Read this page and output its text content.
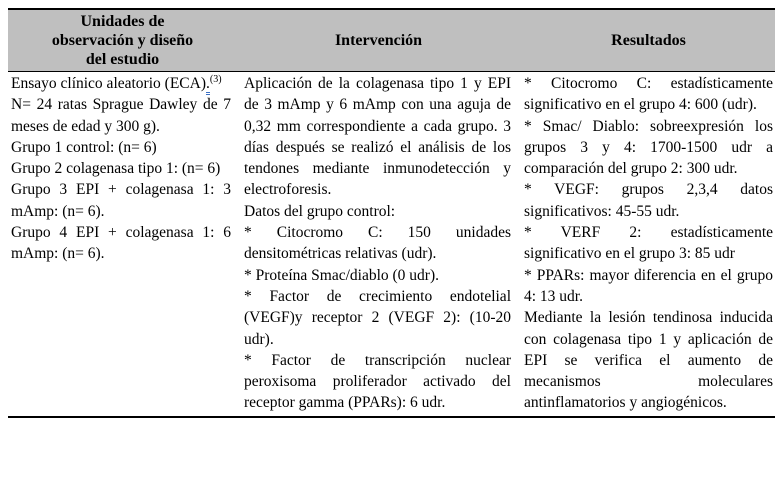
Unidades de
observación y diseño
del estudio
Intervención	Resultados

Ensayo clínico aleatorio (ECA).$^{(3)}$

N= 24 ratas Sprague Dawley de 7 meses de edad y 300 g).

Grupo 1 control: (n= 6)

Grupo 2 colagenasa tipo 1: (n= 6)

Grupo 3 EPI + colagenasa 1: 3 mAmp: (n= 6).

Grupo 4 EPI + colagenasa 1: 6 mAmp: (n= 6).

Aplicación de la colagenasa tipo 1 y EPI de 3 mAmp y 6 mAmp con una aguja de 0,32 mm correspondiente a cada grupo. 3 días después se realizó el análisis de los tendones mediante inmunodetección y electroforesis.

Datos del grupo control:

* Citocromo C: 150 unidades densitométricas relativas (udr).

* Proteína Smac/diablo (0 udr).

* Factor de crecimiento endotelial (VEGF)y receptor 2 (VEGF 2): (10-20 udr).

* Factor de transcripción nuclear peroxisoma proliferador activado del receptor gamma (PPARs): 6 udr.

* Citocromo C: estadísticamente significativo en el grupo 4: 600 (udr).

* Smac/ Diablo: sobreexpresión los grupos 3 y 4: 1700-1500 udr a comparación del grupo 2: 300 udr.

* VEGF: grupos 2,3,4 datos significativos: 45-55 udr.

* VERF 2: estadísticamente significativo en el grupo 3: 85 udr

* PPARs: mayor diferencia en el grupo 4: 13 udr.

Mediante la lesión tendinosa inducida con colagenasa tipo 1 y aplicación de EPI se verifica el aumento de mecanismos moleculares antinflamatorios y angiogénicos.
